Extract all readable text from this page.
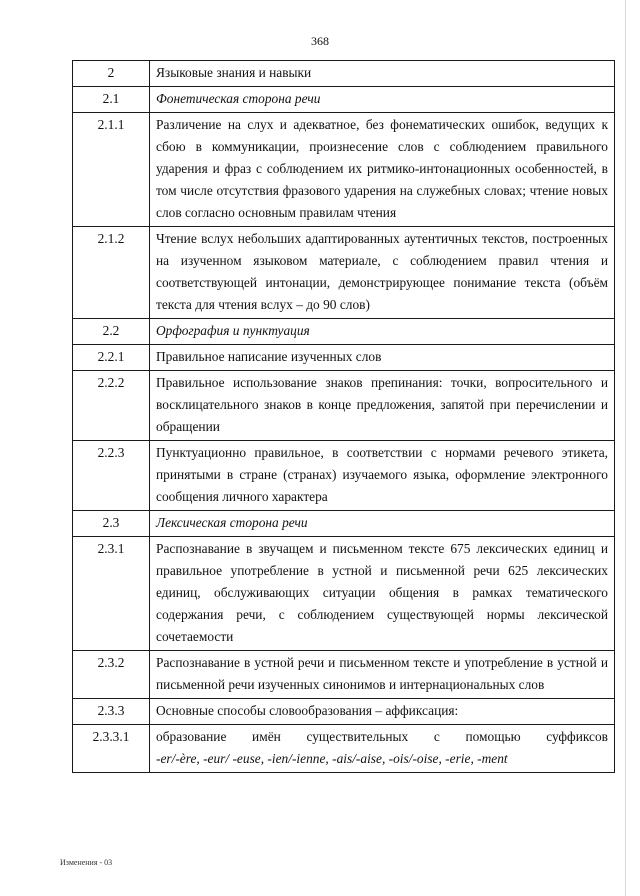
368
2	Языковые знания и навыки
2.1	Фонетическая сторона речи
2.1.1	Различение на слух и адекватное, без фонематических ошибок, ведущих к сбою в коммуникации, произнесение слов с соблюдением правильного ударения и фраз с соблюдением их ритмико-интонационных особенностей, в том числе отсутствия фразового ударения на служебных словах; чтение новых слов согласно основным правилам чтения
2.1.2	Чтение вслух небольших адаптированных аутентичных текстов, построенных на изученном языковом материале, с соблюдением правил чтения и соответствующей интонации, демонстрирующее понимание текста (объём текста для чтения вслух – до 90 слов)
2.2	Орфография и пунктуация
2.2.1	Правильное написание изученных слов
2.2.2	Правильное использование знаков препинания: точки, вопросительного и восклицательного знаков в конце предложения, запятой при перечислении и обращении
2.2.3	Пунктуационно правильное, в соответствии с нормами речевого этикета, принятыми в стране (странах) изучаемого языка, оформление электронного сообщения личного характера
2.3	Лексическая сторона речи
2.3.1	Распознавание в звучащем и письменном тексте 675 лексических единиц и правильное употребление в устной и письменной речи 625 лексических единиц, обслуживающих ситуации общения в рамках тематического содержания речи, с соблюдением существующей нормы лексической сочетаемости
2.3.2	Распознавание в устной речи и письменном тексте и употребление в устной и письменной речи изученных синонимов и интернациональных слов
2.3.3	Основные способы словообразования – аффиксация:
2.3.3.1	образование имён существительных с помощью суффиксов
-er/-ère, -eur/ -euse, -ien/-ienne, -ais/-aise, -ois/-oise, -erie, -ment
Изменения - 03
